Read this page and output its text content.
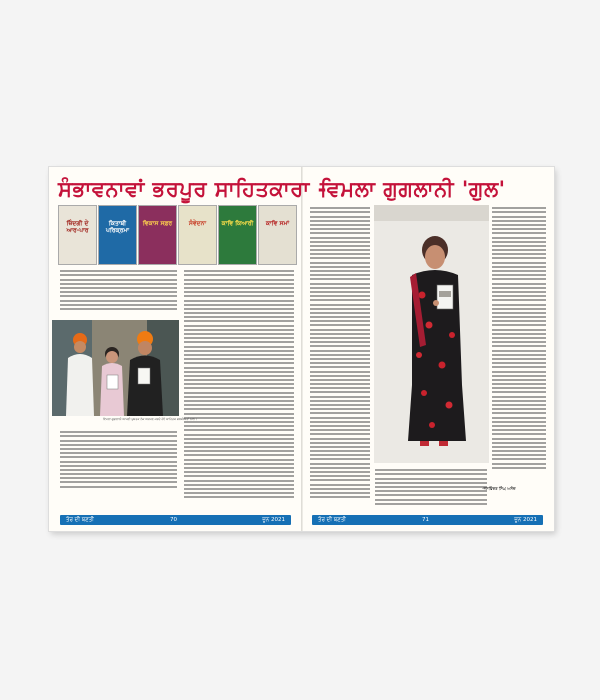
ਸੰਭਾਵਨਾਵਾਂ ਭਰਪੂਰ ਸਾਹਿਤਕਾਰਾ -
ਜ਼ਿੰਦਗੀ ਦੇ ਆਰ-ਪਾਰ
ਕਿਤਾਬੀ ਪਰਿਕ੍ਰਮਾ
ਵਿਕਾਸ ਸਫ਼ਰ	ਸੰਵੇਦਨਾ	ਕਾਵਿ ਕਿਆਰੀ	ਕਾਵਿ ਸਮਾਂ
ਵਿਮਲਾ ਗੁਗਲਾਨੀ ਆਪਣੀ ਪੁਸਤਕ ਲੋਕ ਅਰਪਣ ਕਰਦੇ ਹੋਏ ਸਾਹਿਤਕ ਸ਼ਖ਼ਸੀਅਤਾਂ ਨਾਲ।
ਤੋਰ ਦੀ ਬਣਤੀ	70	ਜੂਨ 2021
ਵਿਮਲਾ ਗੁਗਲਾਨੀ 'ਗੁਲ'
-ਜਸਵਿੰਦਰ ਸਿੰਘ ਅਨੰਦ
ਤੋਰ ਦੀ ਬਣਤੀ	71	ਜੂਨ 2021
